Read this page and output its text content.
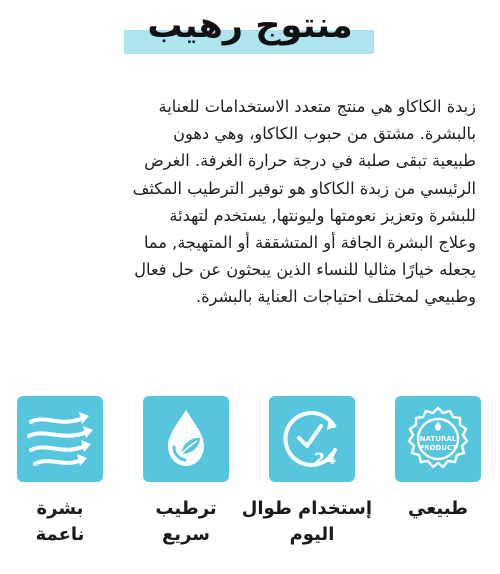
منتوج رهيب
زبدة الكاكاو هي منتج متعدد الاستخدامات للعناية
بالبشرة. مشتق من حبوب الكاكاو، وهي دهون
طبيعية تبقى صلبة في درجة حرارة الغرفة. الغرض
الرئيسي من زبدة الكاكاو هو توفير الترطيب المكثف
للبشرة وتعزيز نعومتها وليونتها, يستخدم لتهدئة
وعلاج البشرة الجافة أو المتشققة أو المتهيجة, مما
يجعله خيارًا مثاليا للنساء الذين يبحثون عن حل فعال
وطبيعي لمختلف احتياجات العناية بالبشرة.
NATURAL
PRODUCT
طبيعي
24
إستخدام طوال
اليوم
ترطيب
سريع
بشرة
ناعمة
